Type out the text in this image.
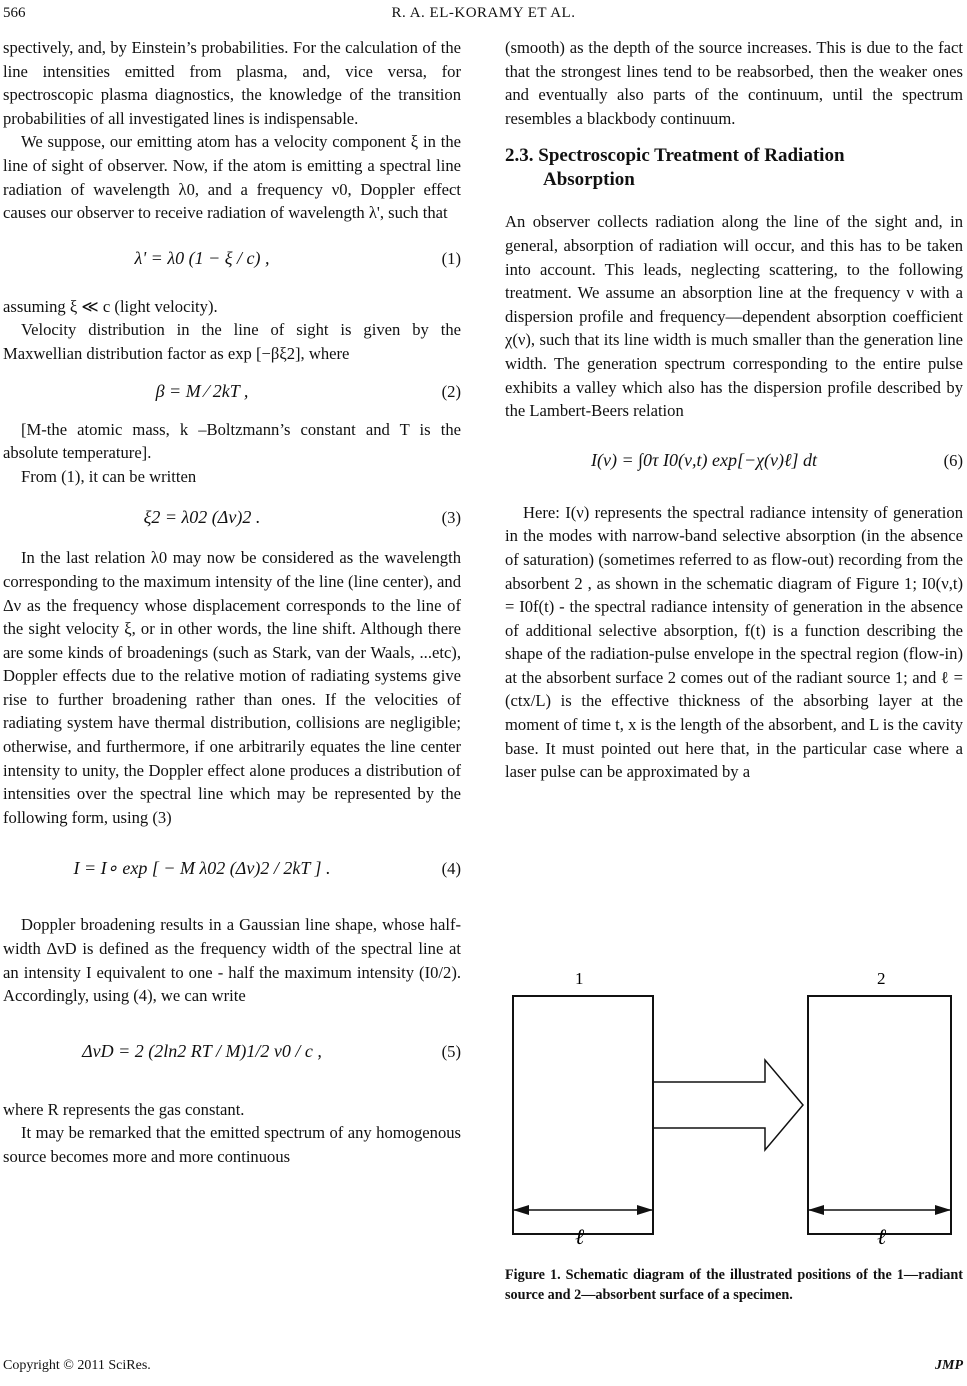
566	R. A. EL-KORAMY ET AL.

spectively, and, by Einstein’s probabilities. For the calculation of the line intensities emitted from plasma, and, vice versa, for spectroscopic plasma diagnostics, the knowledge of the transition probabilities of all investigated lines is indispensable.

We suppose, our emitting atom has a velocity component ξ in the line of sight of observer. Now, if the atom is emitting a spectral line radiation of wavelength λ0, and a frequency ν0, Doppler effect causes our observer to receive radiation of wavelength λ', such that

λ' = λ0 (1 − ξ / c) ,	(1)

assuming ξ ≪ c (light velocity).

Velocity distribution in the line of sight is given by the Maxwellian distribution factor as exp [−βξ2], where

β = M ⁄ 2kT ,	(2)

[M-the atomic mass, k –Boltzmann’s constant and T is the absolute temperature].

From (1), it can be written

ξ2 = λ02 (Δν)2 .	(3)

In the last relation λ0 may now be considered as the wavelength corresponding to the maximum intensity of the line (line center), and Δν as the frequency whose displacement corresponds to the line of the sight velocity ξ, or in other words, the line shift. Although there are some kinds of broadenings (such as Stark, van der Waals, ...etc), Doppler effects due to the relative motion of radiating systems give rise to further broadening rather than ones. If the velocities of radiating system have thermal distribution, collisions are negligible; otherwise, and furthermore, if one arbitrarily equates the line center intensity to unity, the Doppler effect alone produces a distribution of intensities over the spectral line which may be represented by the following form, using (3)

I = I∘ exp [ − M λ02 (Δν)2 / 2kT ] .	(4)

Doppler broadening results in a Gaussian line shape, whose half-width ΔνD is defined as the frequency width of the spectral line at an intensity I equivalent to one - half the maximum intensity (I0/2). Accordingly, using (4), we can write

ΔνD = 2 (2ln2 RT / M)1/2 ν0 / c ,	(5)

where R represents the gas constant.

It may be remarked that the emitted spectrum of any homogenous source becomes more and more continuous

(smooth) as the depth of the source increases. This is due to the fact that the strongest lines tend to be reabsorbed, then the weaker ones and eventually also parts of the continuum, until the spectrum resembles a blackbody continuum.

2.3. Spectroscopic Treatment of Radiation
Absorption

An observer collects radiation along the line of the sight and, in general, absorption of radiation will occur, and this has to be taken into account. This leads, neglecting scattering, to the following treatment. We assume an absorption line at the frequency ν with a dispersion profile and frequency—dependent absorption coefficient χ(ν), such that its line width is much smaller than the generation line width. The generation spectrum corresponding to the entire pulse exhibits a valley which also has the dispersion profile described by the Lambert-Beers relation

I(ν) = ∫0τ I0(ν,t) exp[−χ(ν)ℓ] dt	(6)

Here: I(ν) represents the spectral radiance intensity of generation in the modes with narrow-band selective absorption (in the absence of saturation) (sometimes referred to as flow-out) recording from the absorbent 2 , as shown in the schematic diagram of Figure 1; I0(ν,t) = I0f(t) - the spectral radiance intensity of generation in the absence of additional selective absorption, f(t) is a function describing the shape of the radiation-pulse envelope in the spectral region (flow-in) at the absorbent surface 2 comes out of the radiant source 1; and ℓ = (ctx/L) is the effective thickness of the absorbing layer at the moment of time t, x is the length of the absorbent, and L is the cavity base. It must pointed out here that, in the particular case where a laser pulse can be approximated by a

1	2
ℓ	ℓ
Figure 1. Schematic diagram of the illustrated positions of the 1—radiant source and 2—absorbent surface of a specimen.
Copyright © 2011 SciRes.	JMP
